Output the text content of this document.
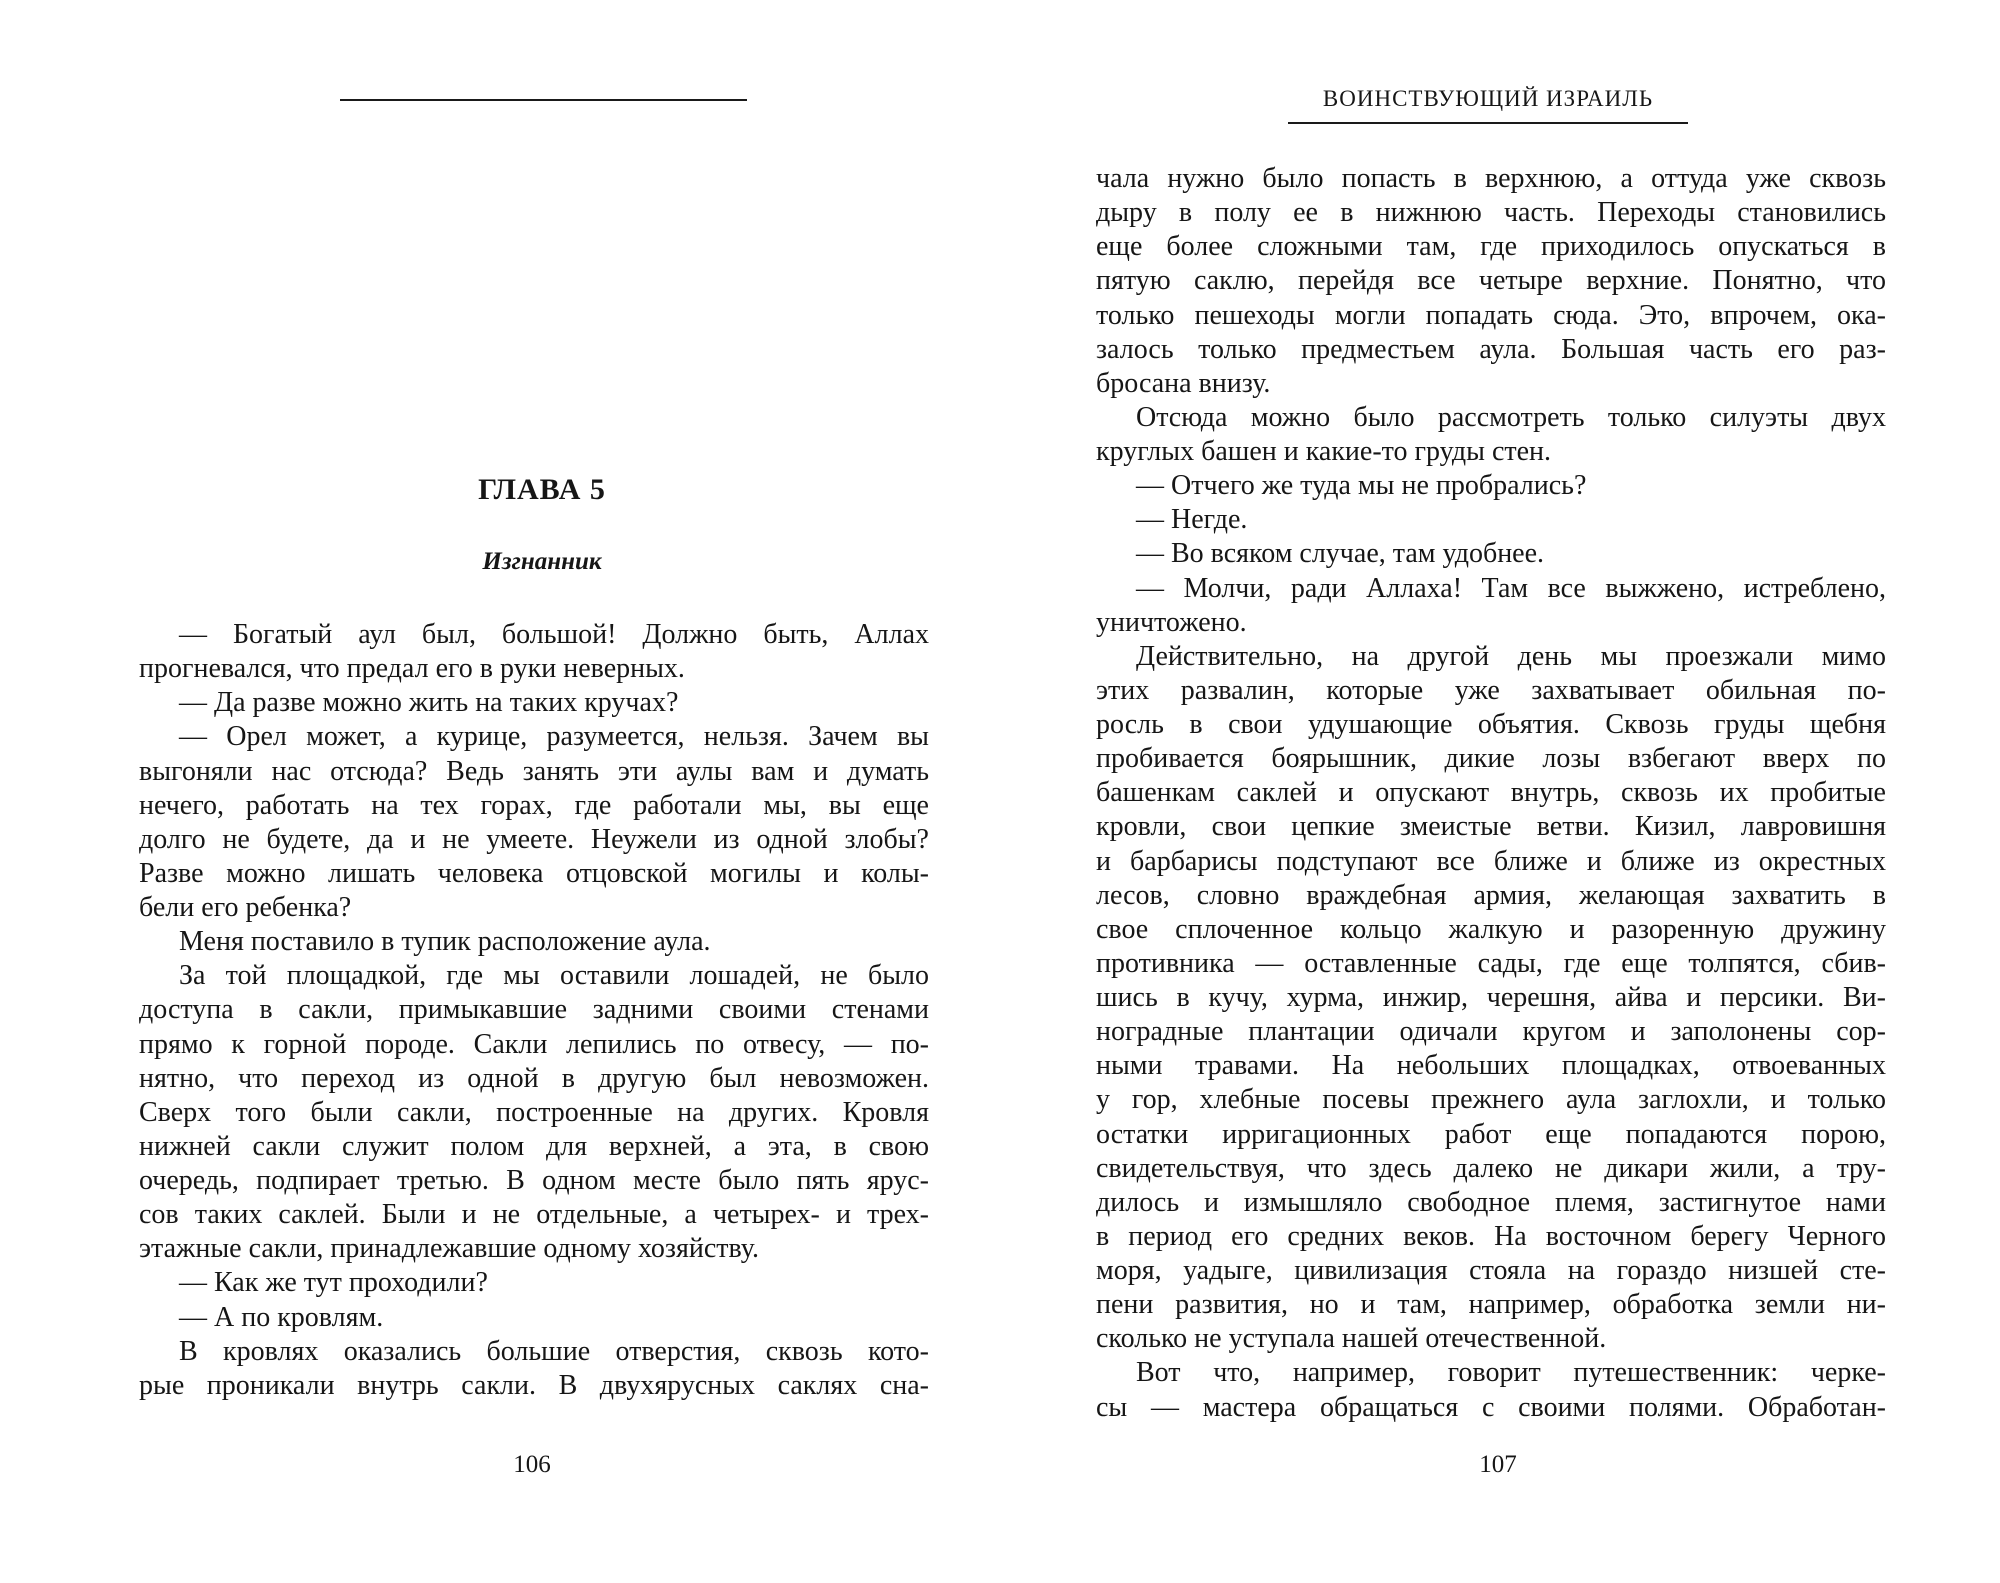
ГЛАВА 5
Изгнанник
— Богатый аул был, большой! Должно быть, Аллах
прогневался, что предал его в руки неверных.
— Да разве можно жить на таких кручах?
— Орел может, а курице, разумеется, нельзя. Зачем вы
выгоняли нас отсюда? Ведь занять эти аулы вам и думать
нечего, работать на тех горах, где работали мы, вы еще
долго не будете, да и не умеете. Неужели из одной злобы?
Разве можно лишать человека отцовской могилы и колы-
бели его ребенка?
Меня поставило в тупик расположение аула.
За той площадкой, где мы оставили лошадей, не было
доступа в сакли, примыкавшие задними своими стенами
прямо к горной породе. Сакли лепились по отвесу, — по-
нятно, что переход из одной в другую был невозможен.
Сверх того были сакли, построенные на других. Кровля
нижней сакли служит полом для верхней, а эта, в свою
очередь, подпирает третью. В одном месте было пять ярус-
сов таких саклей. Были и не отдельные, а четырех- и трех-
этажные сакли, принадлежавшие одному хозяйству.
— Как же тут проходили?
— А по кровлям.
В кровлях оказались большие отверстия, сквозь кото-
рые проникали внутрь сакли. В двухярусных саклях сна-
106
ВОИНСТВУЮЩИЙ ИЗРАИЛЬ
чала нужно было попасть в верхнюю, а оттуда уже сквозь
дыру в полу ее в нижнюю часть. Переходы становились
еще более сложными там, где приходилось опускаться в
пятую саклю, перейдя все четыре верхние. Понятно, что
только пешеходы могли попадать сюда. Это, впрочем, ока-
залось только предместьем аула. Большая часть его раз-
бросана внизу.
Отсюда можно было рассмотреть только силуэты двух
круглых башен и какие-то груды стен.
— Отчего же туда мы не пробрались?
— Негде.
— Во всяком случае, там удобнее.
— Молчи, ради Аллаха! Там все выжжено, истреблено,
уничтожено.
Действительно, на другой день мы проезжали мимо
этих развалин, которые уже захватывает обильная по-
росль в свои удушающие объятия. Сквозь груды щебня
пробивается боярышник, дикие лозы взбегают вверх по
башенкам саклей и опускают внутрь, сквозь их пробитые
кровли, свои цепкие змеистые ветви. Кизил, лавровишня
и барбарисы подступают все ближе и ближе из окрестных
лесов, словно враждебная армия, желающая захватить в
свое сплоченное кольцо жалкую и разоренную дружину
противника — оставленные сады, где еще толпятся, сбив-
шись в кучу, хурма, инжир, черешня, айва и персики. Ви-
ноградные плантации одичали кругом и заполонены сор-
ными травами. На небольших площадках, отвоеванных
у гор, хлебные посевы прежнего аула заглохли, и только
остатки ирригационных работ еще попадаются порою,
свидетельствуя, что здесь далеко не дикари жили, а тру-
дилось и измышляло свободное племя, застигнутое нами
в период его средних веков. На восточном берегу Черного
моря, уадыге, цивилизация стояла на гораздо низшей сте-
пени развития, но и там, например, обработка земли ни-
сколько не уступала нашей отечественной.
Вот что, например, говорит путешественник: черке-
сы — мастера обращаться с своими полями. Обработан-
107
